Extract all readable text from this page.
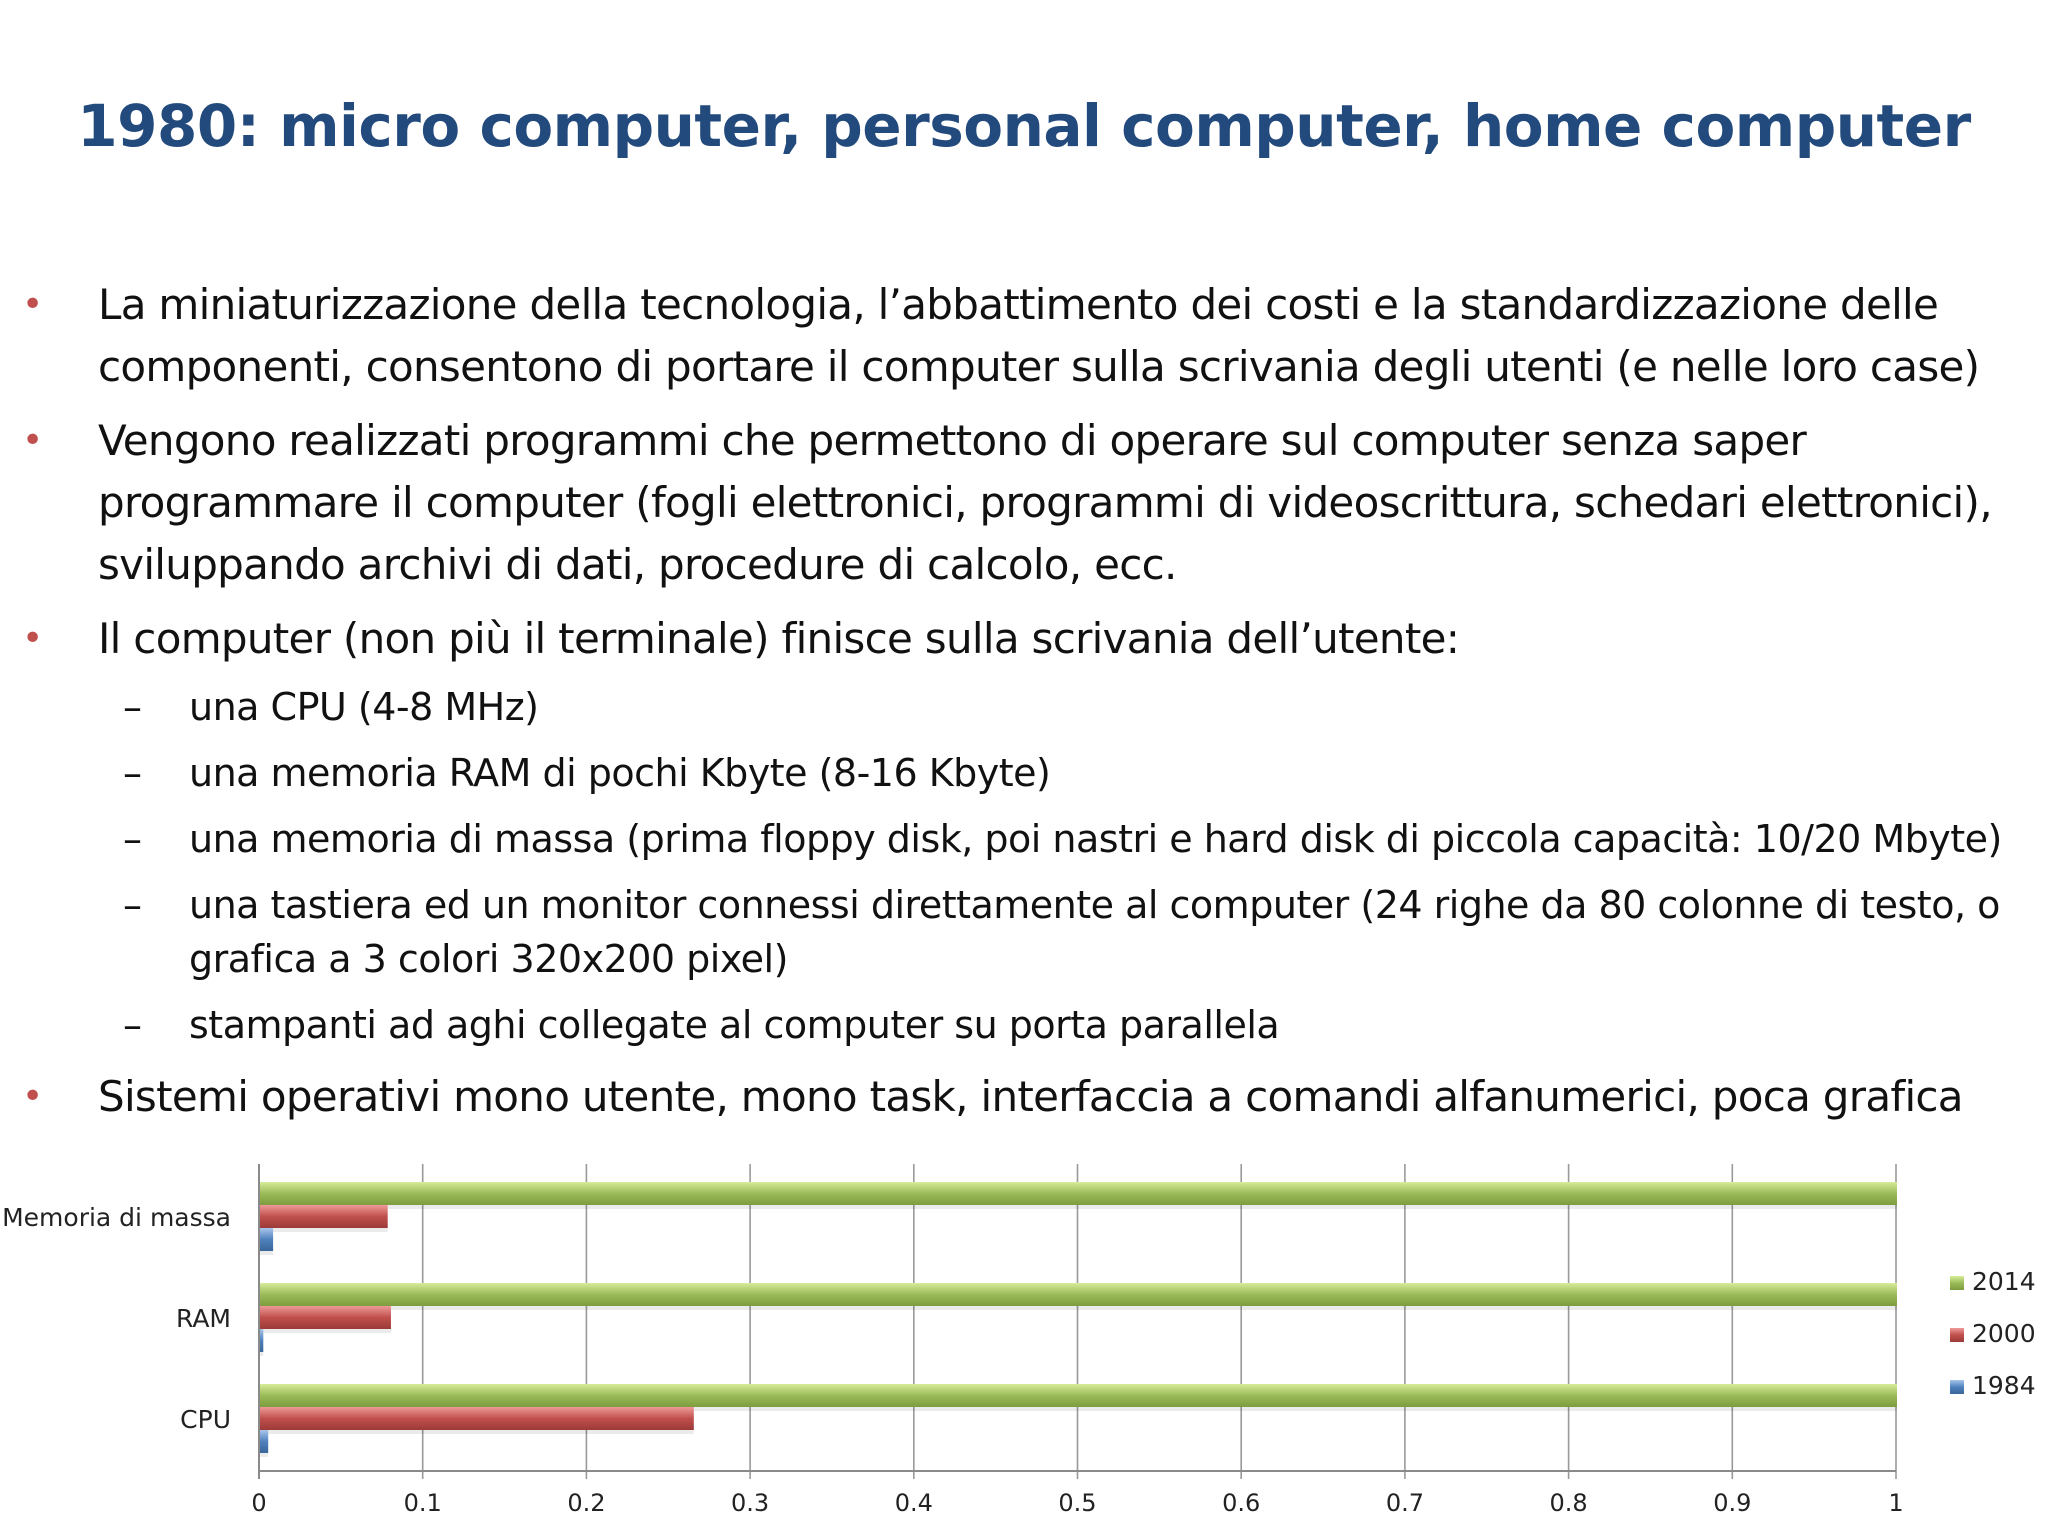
1980: micro computer, personal computer, home computer
• La miniaturizzazione della tecnologia, l’abbattimento dei costi e la standardizzazione delle componenti, consentono di portare il computer sulla scrivania degli utenti (e nelle loro case)
• Vengono realizzati programmi che permettono di operare sul computer senza saper programmare il computer (fogli elettronici, programmi di videoscrittura, schedari elettronici), sviluppando archivi di dati, procedure di calcolo, ecc.
• Il computer (non più il terminale) finisce sulla scrivania dell’utente:
– una CPU (4-8 MHz)
– una memoria RAM di pochi Kbyte (8-16 Kbyte)
– una memoria di massa (prima floppy disk, poi nastri e hard disk di piccola capacità: 10/20 Mbyte)
– una tastiera ed un monitor connessi direttamente al computer (24 righe da 80 colonne di testo, o grafica a 3 colori 320x200 pixel)
– stampanti ad aghi collegate al computer su porta parallela
• Sistemi operativi mono utente, mono task, interfaccia a comandi alfanumerici, poca grafica
0	0.1	0.2	0.3	0.4	0.5	0.6	0.7	0.8	0.9	1
Memoria di massa
RAM
CPU
2014
2000
1984
